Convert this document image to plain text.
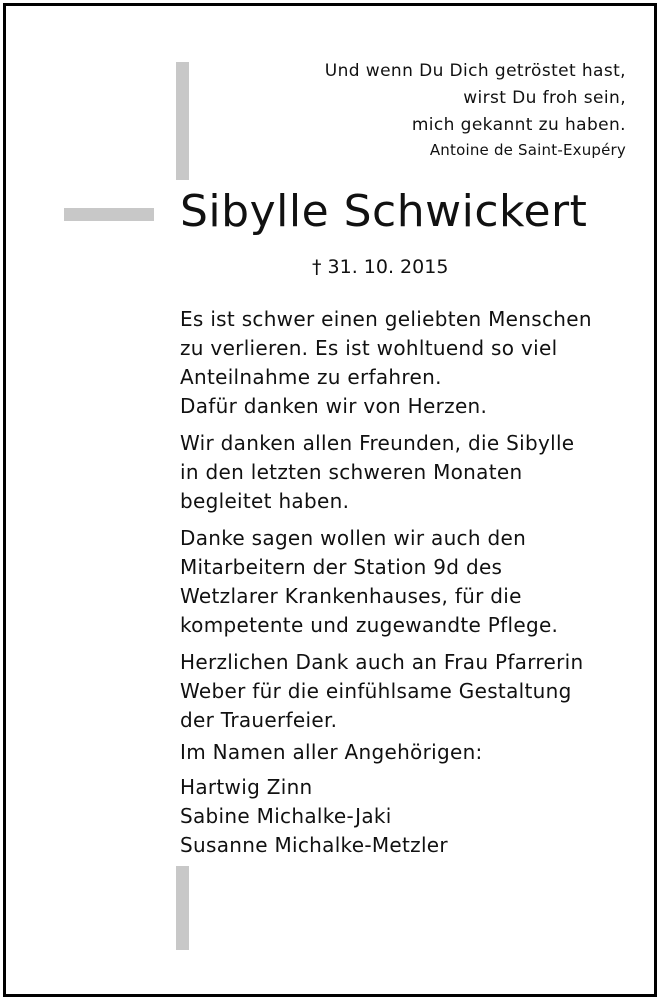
Und wenn Du Dich getröstet hast,
wirst Du froh sein,
mich gekannt zu haben.
Antoine de Saint-Exupéry
Sibylle Schwickert
† 31. 10. 2015

Es ist schwer einen geliebten Menschen
zu verlieren. Es ist wohltuend so viel
Anteilnahme zu erfahren.
Dafür danken wir von Herzen.

Wir danken allen Freunden, die Sibylle
in den letzten schweren Monaten
begleitet haben.

Danke sagen wollen wir auch den
Mitarbeitern der Station 9d des
Wetzlarer Krankenhauses, für die
kompetente und zugewandte Pflege.

Herzlichen Dank auch an Frau Pfarrerin
Weber für die einfühlsame Gestaltung
der Trauerfeier.

Im Namen aller Angehörigen:
Hartwig Zinn
Sabine Michalke-Jaki
Susanne Michalke-Metzler
